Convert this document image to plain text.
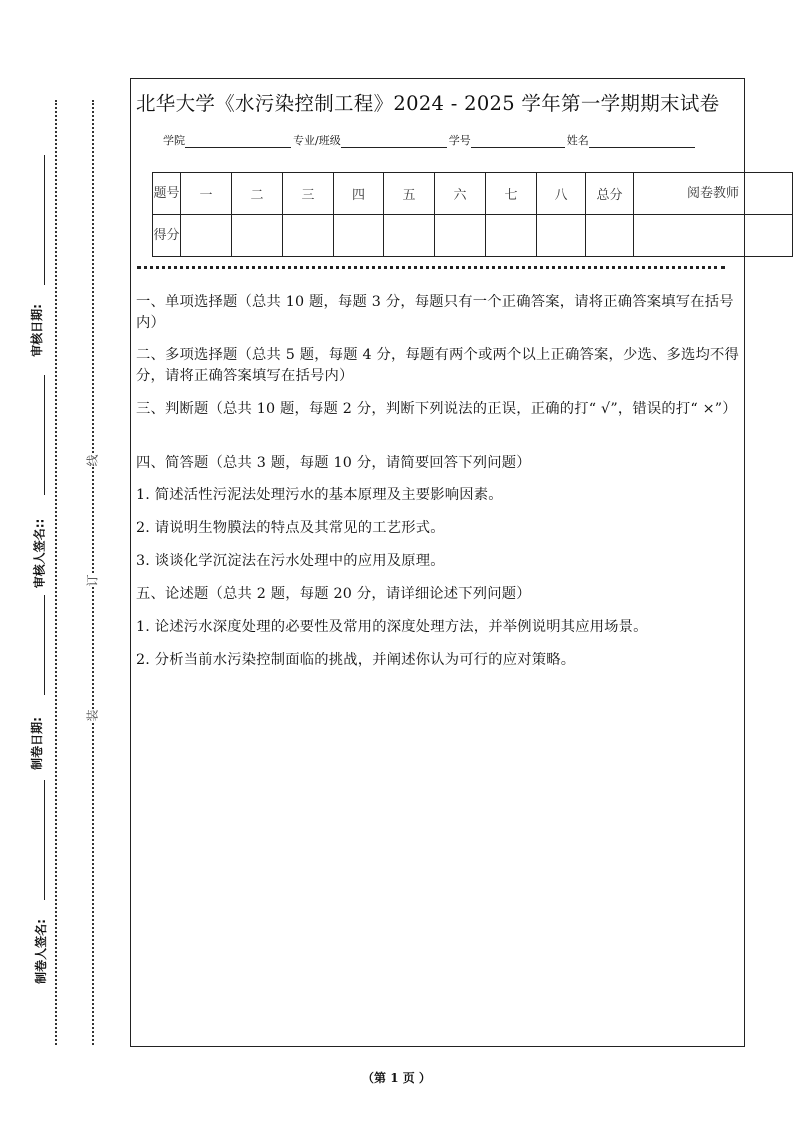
审核日期:
审核人签名::
制卷日期:
制卷人签名:
线
订
装
北华大学《水污染控制工程》2024 - 2025 学年第一学期期末试卷
学院	专业/班级	学号	姓名
题号	一	二	三	四	五	六	七	八	总分	阅卷教师
得分										
一、单项选择题（总共 10 题，每题 3 分，每题只有一个正确答案，请将正确答案填写在括号内）
二、多项选择题（总共 5 题，每题 4 分，每题有两个或两个以上正确答案，少选、多选均不得分，请将正确答案填写在括号内）
三、判断题（总共 10 题，每题 2 分，判断下列说法的正误，正确的打“ √”，错误的打“ ×”）
四、简答题（总共 3 题，每题 10 分，请简要回答下列问题）
1. 简述活性污泥法处理污水的基本原理及主要影响因素。
2. 请说明生物膜法的特点及其常见的工艺形式。
3. 谈谈化学沉淀法在污水处理中的应用及原理。
五、论述题（总共 2 题，每题 20 分，请详细论述下列问题）
1. 论述污水深度处理的必要性及常用的深度处理方法，并举例说明其应用场景。
2. 分析当前水污染控制面临的挑战，并阐述你认为可行的应对策略。
（第 1 页 ）
